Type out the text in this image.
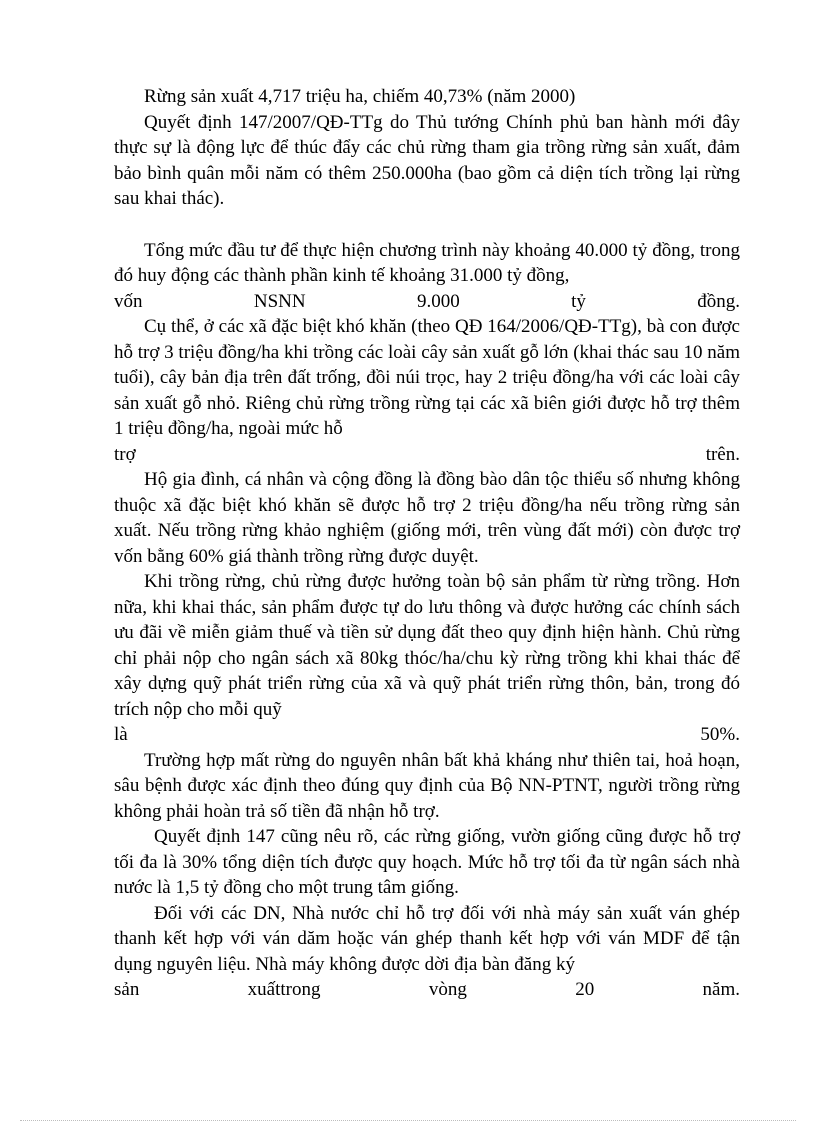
Rừng sản xuất 4,717 triệu ha, chiếm 40,73% (năm 2000)

Quyết định 147/2007/QĐ-TTg do Thủ tướng Chính phủ ban hành mới đây thực sự là động lực để thúc đẩy các chủ rừng tham gia trồng rừng sản xuất, đảm bảo bình quân mỗi năm có thêm 250.000ha (bao gồm cả diện tích trồng lại rừng sau khai thác).

Tổng mức đầu tư để thực hiện chương trình này khoảng 40.000 tỷ đồng, trong đó huy động các thành phần kinh tế khoảng 31.000 tỷ đồng,

vốn	NSNN	9.000	tỷ	đồng.

Cụ thể, ở các xã đặc biệt khó khăn (theo QĐ 164/2006/QĐ-TTg), bà con được hỗ trợ 3 triệu đồng/ha khi trồng các loài cây sản xuất gỗ lớn (khai thác sau 10 năm tuổi), cây bản địa trên đất trống, đồi núi trọc, hay 2 triệu đồng/ha với các loài cây sản xuất gỗ nhỏ. Riêng chủ rừng trồng rừng tại các xã biên giới được hỗ trợ thêm 1 triệu đồng/ha, ngoài mức hỗ

trợ	trên.

Hộ gia đình, cá nhân và cộng đồng là đồng bào dân tộc thiểu số nhưng không thuộc xã đặc biệt khó khăn sẽ được hỗ trợ 2 triệu đồng/ha nếu trồng rừng sản xuất. Nếu trồng rừng khảo nghiệm (giống mới, trên vùng đất mới) còn được trợ vốn bằng 60% giá thành trồng rừng được duyệt.

Khi trồng rừng, chủ rừng được hưởng toàn bộ sản phẩm từ rừng trồng. Hơn nữa, khi khai thác, sản phẩm được tự do lưu thông và được hưởng các chính sách ưu đãi về miễn giảm thuế và tiền sử dụng đất theo quy định hiện hành. Chủ rừng chỉ phải nộp cho ngân sách xã 80kg thóc/ha/chu kỳ rừng trồng khi khai thác để xây dựng quỹ phát triển rừng của xã và quỹ phát triển rừng thôn, bản, trong đó trích nộp cho mỗi quỹ

là	50%.

Trường hợp mất rừng do nguyên nhân bất khả kháng như thiên tai, hoả hoạn, sâu bệnh được xác định theo đúng quy định của Bộ NN-PTNT, người trồng rừng không phải hoàn trả số tiền đã nhận hỗ trợ.

Quyết định 147 cũng nêu rõ, các rừng giống, vườn giống cũng được hỗ trợ tối đa là 30% tổng diện tích được quy hoạch. Mức hỗ trợ tối đa từ ngân sách nhà nước là 1,5 tỷ đồng cho một trung tâm giống.

Đối với các DN, Nhà nước chỉ hỗ trợ đối với nhà máy sản xuất ván ghép thanh kết hợp với ván dăm hoặc ván ghép thanh kết hợp với ván MDF để tận dụng nguyên liệu. Nhà máy không được dời địa bàn đăng ký

sản	xuấttrong	vòng	20	năm.
